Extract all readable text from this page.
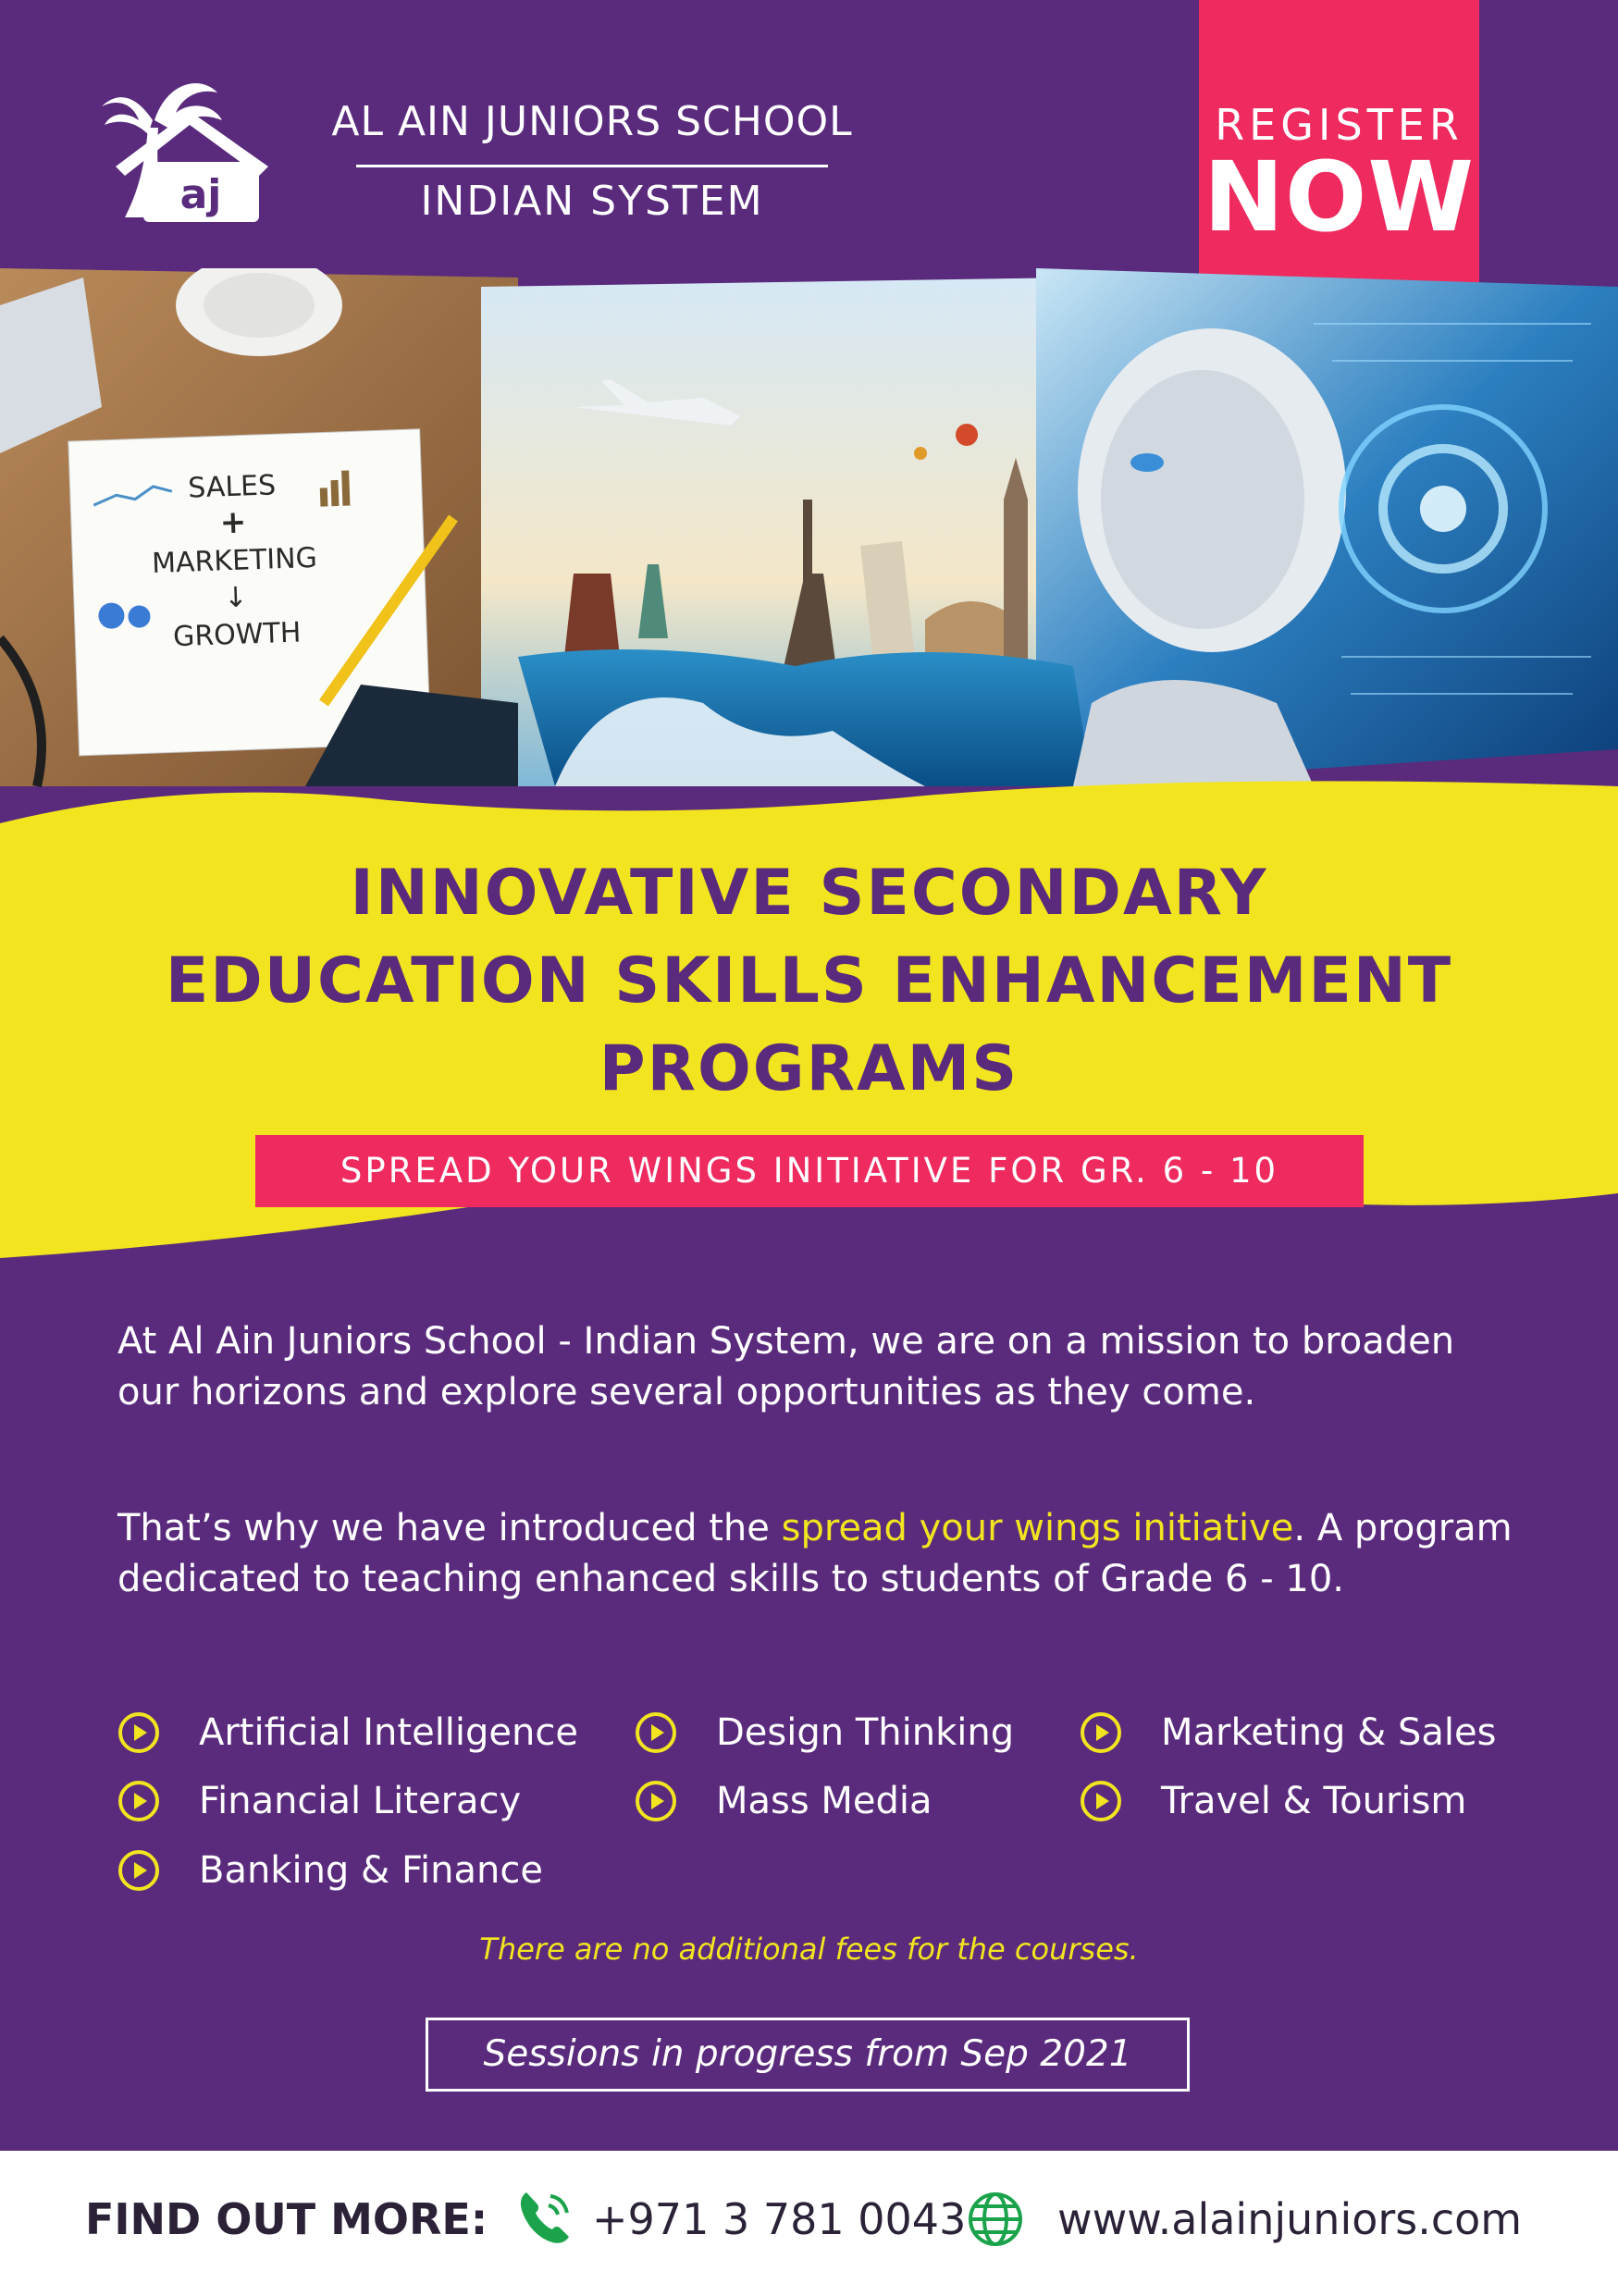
aj
AL AIN JUNIORS SCHOOL
INDIAN SYSTEM
REGISTER
NOW
SALES
+
MARKETING
↓
GROWTH
INNOVATIVE SECONDARY
EDUCATION SKILLS ENHANCEMENT
PROGRAMS
SPREAD YOUR WINGS INITIATIVE FOR GR. 6 - 10
At Al Ain Juniors School - Indian System, we are on a mission to broaden our horizons and explore several opportunities as they come.
That’s why we have introduced the spread your wings initiative. A program dedicated to teaching enhanced skills to students of Grade 6 - 10.
Artificial Intelligence	Design Thinking	Marketing & Sales
Financial Literacy	Mass Media	Travel & Tourism
Banking & Finance
There are no additional fees for the courses.
Sessions in progress from Sep 2021
FIND OUT MORE: +971 3 781 0043 www.alainjuniors.com
